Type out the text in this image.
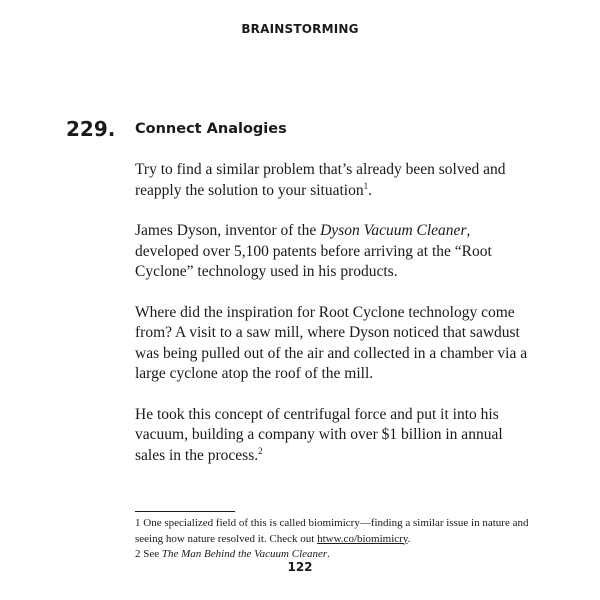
BRAINSTORMING
229. Connect Analogies

Try to find a similar problem that’s already been solved and reapply the solution to your situation$^1$.

James Dyson, inventor of the Dyson Vacuum Cleaner, developed over 5,100 patents before arriving at the “Root Cyclone” technology used in his products.

Where did the inspiration for Root Cyclone technology come from? A visit to a saw mill, where Dyson noticed that sawdust was being pulled out of the air and collected in a chamber via a large cyclone atop the roof of the mill.

He took this concept of centrifugal force and put it into his vacuum, building a company with over $1 billion in annual sales in the process.$^2$

1 One specialized field of this is called biomimicry—finding a similar issue in nature and seeing how nature resolved it. Check out htww.co/biomimicry.

2 See The Man Behind the Vacuum Cleaner.

122
